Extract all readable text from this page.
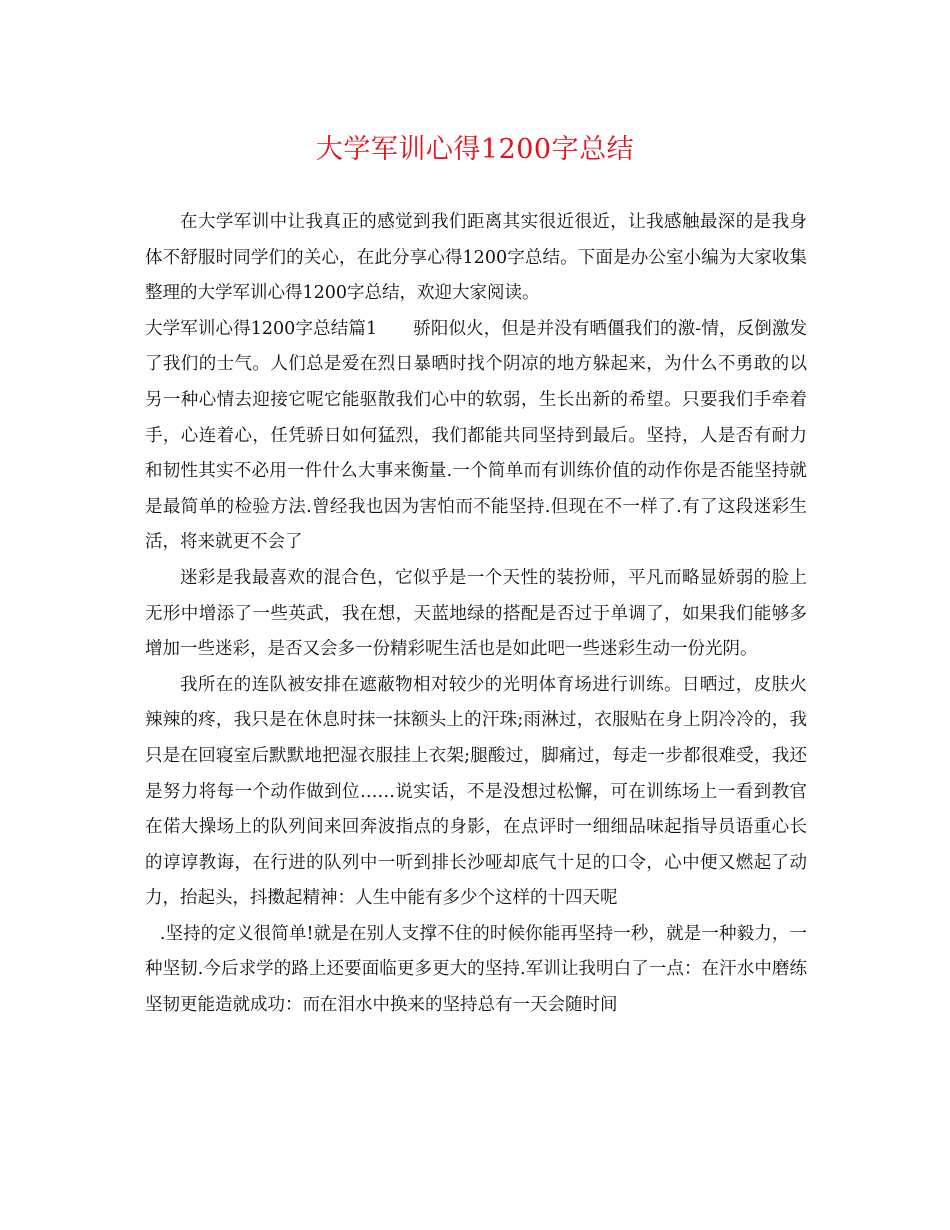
大学军训心得1200字总结

在大学军训中让我真正的感觉到我们距离其实很近很近，让我感触最深的是我身体不舒服时同学们的关心，在此分享心得1200字总结。下面是办公室小编为大家收集整理的大学军训心得1200字总结，欢迎大家阅读。

大学军训心得1200字总结篇1 骄阳似火，但是并没有晒僵我们的激-情，反倒激发了我们的士气。人们总是爱在烈日暴晒时找个阴凉的地方躲起来，为什么不勇敢的以另一种心情去迎接它呢它能驱散我们心中的软弱，生长出新的希望。只要我们手牵着手，心连着心，任凭骄日如何猛烈，我们都能共同坚持到最后。坚持，人是否有耐力和韧性其实不必用一件什么大事来衡量.一个简单而有训练价值的动作你是否能坚持就是最简单的检验方法.曾经我也因为害怕而不能坚持.但现在不一样了.有了这段迷彩生活，将来就更不会了

迷彩是我最喜欢的混合色，它似乎是一个天性的装扮师，平凡而略显娇弱的脸上无形中增添了一些英武，我在想，天蓝地绿的搭配是否过于单调了，如果我们能够多增加一些迷彩，是否又会多一份精彩呢生活也是如此吧一些迷彩生动一份光阴。

我所在的连队被安排在遮蔽物相对较少的光明体育场进行训练。日晒过，皮肤火辣辣的疼，我只是在休息时抹一抹额头上的汗珠;雨淋过，衣服贴在身上阴冷冷的，我只是在回寝室后默默地把湿衣服挂上衣架;腿酸过，脚痛过，每走一步都很难受，我还是努力将每一个动作做到位……说实话，不是没想过松懈，可在训练场上一看到教官在偌大操场上的队列间来回奔波指点的身影，在点评时一细细品味起指导员语重心长的谆谆教诲，在行进的队列中一听到排长沙哑却底气十足的口令，心中便又燃起了动力，抬起头，抖擞起精神：人生中能有多少个这样的十四天呢

.坚持的定义很简单!就是在别人支撑不住的时候你能再坚持一秒，就是一种毅力，一种坚韧.今后求学的路上还要面临更多更大的坚持.军训让我明白了一点：在汗水中磨练坚韧更能造就成功：而在泪水中换来的坚持总有一天会随时间
